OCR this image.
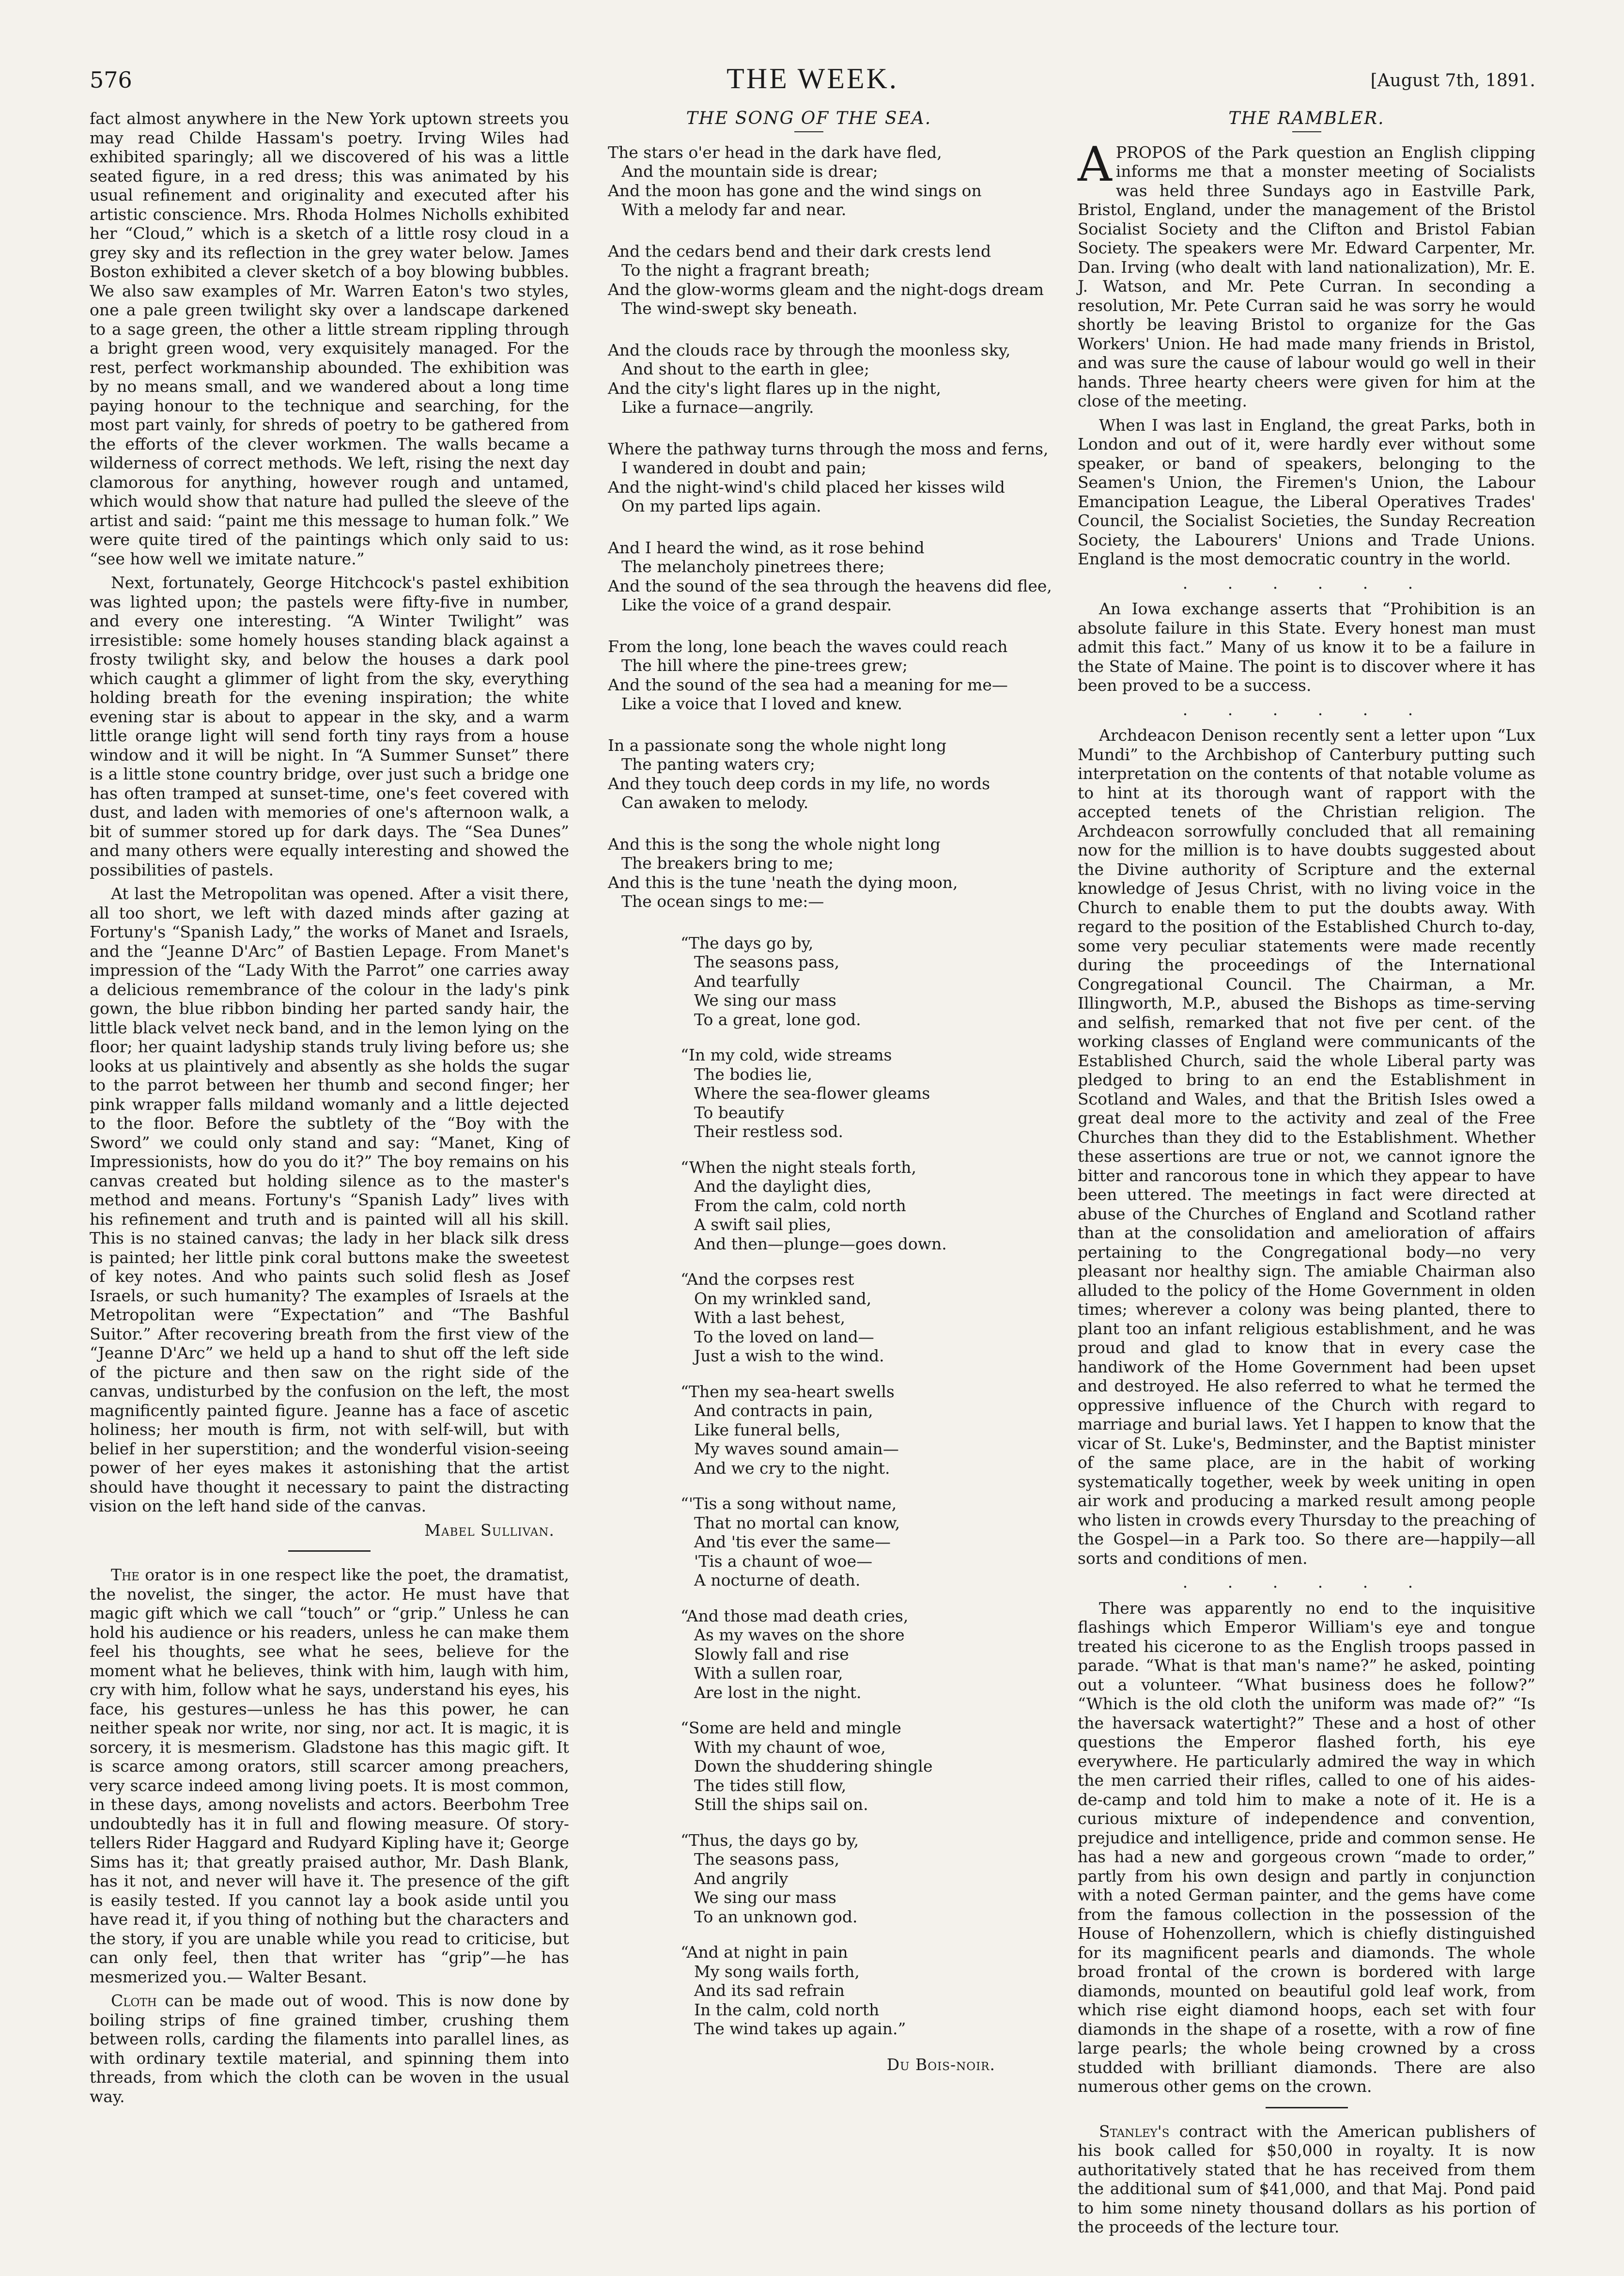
576	THE WEEK.	[August 7th, 1891.

fact almost anywhere in the New York uptown streets you may read Childe Hassam's poetry. Irving Wiles had exhibited sparingly; all we discovered of his was a little seated figure, in a red dress; this was animated by his usual refinement and originality and executed after his artistic conscience. Mrs. Rhoda Holmes Nicholls exhibited her “Cloud,” which is a sketch of a little rosy cloud in a grey sky and its reflection in the grey water below. James Boston exhibited a clever sketch of a boy blowing bubbles. We also saw examples of Mr. Warren Eaton's two styles, one a pale green twilight sky over a landscape darkened to a sage green, the other a little stream rippling through a bright green wood, very exquisitely managed. For the rest, perfect workmanship abounded. The exhibition was by no means small, and we wandered about a long time paying honour to the technique and searching, for the most part vainly, for shreds of poetry to be gathered from the efforts of the clever workmen. The walls became a wilderness of correct methods. We left, rising the next day clamorous for anything, however rough and untamed, which would show that nature had pulled the sleeve of the artist and said: “paint me this message to human folk.” We were quite tired of the paintings which only said to us: “see how well we imitate nature.”

Next, fortunately, George Hitchcock's pastel exhibition was lighted upon; the pastels were fifty-five in number, and every one interesting. “A Winter Twilight” was irresistible: some homely houses standing black against a frosty twilight sky, and below the houses a dark pool which caught a glimmer of light from the sky, everything holding breath for the evening inspiration; the white evening star is about to appear in the sky, and a warm little orange light will send forth tiny rays from a house window and it will be night. In “A Summer Sunset” there is a little stone country bridge, over just such a bridge one has often tramped at sunset-time, one's feet covered with dust, and laden with memories of one's afternoon walk, a bit of summer stored up for dark days. The “Sea Dunes” and many others were equally interesting and showed the possibilities of pastels.

At last the Metropolitan was opened. After a visit there, all too short, we left with dazed minds after gazing at Fortuny's “Spanish Lady,” the works of Manet and Israels, and the “Jeanne D'Arc” of Bastien Lepage. From Manet's impression of the “Lady With the Parrot” one carries away a delicious remembrance of the colour in the lady's pink gown, the blue ribbon binding her parted sandy hair, the little black velvet neck band, and in the lemon lying on the floor; her quaint ladyship stands truly living before us; she looks at us plaintively and absently as she holds the sugar to the parrot between her thumb and second finger; her pink wrapper falls mildand womanly and a little dejected to the floor. Before the subtlety of the “Boy with the Sword” we could only stand and say: “Manet, King of Impressionists, how do you do it?” The boy remains on his canvas created but holding silence as to the master's method and means. Fortuny's “Spanish Lady” lives with his refinement and truth and is painted will all his skill. This is no stained canvas; the lady in her black silk dress is painted; her little pink coral buttons make the sweetest of key notes. And who paints such solid flesh as Josef Israels, or such humanity? The examples of Israels at the Metropolitan were “Expectation” and “The Bashful Suitor.” After recovering breath from the first view of the “Jeanne D'Arc” we held up a hand to shut off the left side of the picture and then saw on the right side of the canvas, undisturbed by the confusion on the left, the most magnificently painted figure. Jeanne has a face of ascetic holiness; her mouth is firm, not with self-will, but with belief in her superstition; and the wonderful vision-seeing power of her eyes makes it astonishing that the artist should have thought it necessary to paint the distracting vision on the left hand side of the canvas.

Mabel Sullivan.

The orator is in one respect like the poet, the dramatist, the novelist, the singer, the actor. He must have that magic gift which we call “touch” or “grip.” Unless he can hold his audience or his readers, unless he can make them feel his thoughts, see what he sees, believe for the moment what he believes, think with him, laugh with him, cry with him, follow what he says, understand his eyes, his face, his gestures—unless he has this power, he can neither speak nor write, nor sing, nor act. It is magic, it is sorcery, it is mesmerism. Gladstone has this magic gift. It is scarce among orators, still scarcer among preachers, very scarce indeed among living poets. It is most common, in these days, among novelists and actors. Beerbohm Tree undoubtedly has it in full and flowing measure. Of story-tellers Rider Haggard and Rudyard Kipling have it; George Sims has it; that greatly praised author, Mr. Dash Blank, has it not, and never will have it. The presence of the gift is easily tested. If you cannot lay a book aside until you have read it, if you thing of nothing but the characters and the story, if you are unable while you read to criticise, but can only feel, then that writer has “grip”—he has mesmerized you.— Walter Besant.

Cloth can be made out of wood. This is now done by boiling strips of fine grained timber, crushing them between rolls, carding the filaments into parallel lines, as with ordinary textile material, and spinning them into threads, from which the cloth can be woven in the usual way.

THE SONG OF THE SEA.
The stars o'er head in the dark have fled,
And the mountain side is drear;
And the moon has gone and the wind sings on
With a melody far and near.
And the cedars bend and their dark crests lend
To the night a fragrant breath;
And the glow-worms gleam and the night-dogs dream
The wind-swept sky beneath.
And the clouds race by through the moonless sky,
And shout to the earth in glee;
And the city's light flares up in the night,
Like a furnace—angrily.
Where the pathway turns through the moss and ferns,
I wandered in doubt and pain;
And the night-wind's child placed her kisses wild
On my parted lips again.
And I heard the wind, as it rose behind
The melancholy pinetrees there;
And the sound of the sea through the heavens did flee,
Like the voice of a grand despair.
From the long, lone beach the waves could reach
The hill where the pine-trees grew;
And the sound of the sea had a meaning for me—
Like a voice that I loved and knew.
In a passionate song the whole night long
The panting waters cry;
And they touch deep cords in my life, no words
Can awaken to melody.
And this is the song the whole night long
The breakers bring to me;
And this is the tune 'neath the dying moon,
The ocean sings to me:—
“The days go by,
The seasons pass,
And tearfully
We sing our mass
To a great, lone god.
“In my cold, wide streams
The bodies lie,
Where the sea-flower gleams
To beautify
Their restless sod.
“When the night steals forth,
And the daylight dies,
From the calm, cold north
A swift sail plies,
And then—plunge—goes down.
“And the corpses rest
On my wrinkled sand,
With a last behest,
To the loved on land—
Just a wish to the wind.
“Then my sea-heart swells
And contracts in pain,
Like funeral bells,
My waves sound amain—
And we cry to the night.
“'Tis a song without name,
That no mortal can know,
And 'tis ever the same—
'Tis a chaunt of woe—
A nocturne of death.
“And those mad death cries,
As my waves on the shore
Slowly fall and rise
With a sullen roar,
Are lost in the night.
“Some are held and mingle
With my chaunt of woe,
Down the shuddering shingle
The tides still flow,
Still the ships sail on.
“Thus, the days go by,
The seasons pass,
And angrily
We sing our mass
To an unknown god.
“And at night in pain
My song wails forth,
And its sad refrain
In the calm, cold north
The wind takes up again.”
Du Bois-noir.
THE RAMBLER.

APROPOS of the Park question an English clipping informs me that a monster meeting of Socialists was held three Sundays ago in Eastville Park, Bristol, England, under the management of the Bristol Socialist Society and the Clifton and Bristol Fabian Society. The speakers were Mr. Edward Carpenter, Mr. Dan. Irving (who dealt with land nationalization), Mr. E. J. Watson, and Mr. Pete Curran. In seconding a resolution, Mr. Pete Curran said he was sorry he would shortly be leaving Bristol to organize for the Gas Workers' Union. He had made many friends in Bristol, and was sure the cause of labour would go well in their hands. Three hearty cheers were given for him at the close of the meeting.

When I was last in England, the great Parks, both in London and out of it, were hardly ever without some speaker, or band of speakers, belonging to the Seamen's Union, the Firemen's Union, the Labour Emancipation League, the Liberal Operatives Trades' Council, the Socialist Societies, the Sunday Recreation Society, the Labourers' Unions and Trade Unions. England is the most democratic country in the world.

. . . . . .

An Iowa exchange asserts that “Prohibition is an absolute failure in this State. Every honest man must admit this fact.” Many of us know it to be a failure in the State of Maine. The point is to discover where it has been proved to be a success.

. . . . . .

Archdeacon Denison recently sent a letter upon “Lux Mundi” to the Archbishop of Canterbury putting such interpretation on the contents of that notable volume as to hint at its thorough want of rapport with the accepted tenets of the Christian religion. The Archdeacon sorrowfully concluded that all remaining now for the million is to have doubts suggested about the Divine authority of Scripture and the external knowledge of Jesus Christ, with no living voice in the Church to enable them to put the doubts away. With regard to the position of the Established Church to-day, some very peculiar statements were made recently during the proceedings of the International Congregational Council. The Chairman, a Mr. Illingworth, M.P., abused the Bishops as time-serving and selfish, remarked that not five per cent. of the working classes of England were communicants of the Established Church, said the whole Liberal party was pledged to bring to an end the Establishment in Scotland and Wales, and that the British Isles owed a great deal more to the activity and zeal of the Free Churches than they did to the Establishment. Whether these assertions are true or not, we cannot ignore the bitter and rancorous tone in which they appear to have been uttered. The meetings in fact were directed at abuse of the Churches of England and Scotland rather than at the consolidation and amelioration of affairs pertaining to the Congregational body—no very pleasant nor healthy sign. The amiable Chairman also alluded to the policy of the Home Government in olden times; wherever a colony was being planted, there to plant too an infant religious establishment, and he was proud and glad to know that in every case the handiwork of the Home Government had been upset and destroyed. He also referred to what he termed the oppressive influence of the Church with regard to marriage and burial laws. Yet I happen to know that the vicar of St. Luke's, Bedminster, and the Baptist minister of the same place, are in the habit of working systematically together, week by week uniting in open air work and producing a marked result among people who listen in crowds every Thursday to the preaching of the Gospel—in a Park too. So there are—happily—all sorts and conditions of men.

. . . . . .

There was apparently no end to the inquisitive flashings which Emperor William's eye and tongue treated his cicerone to as the English troops passed in parade. “What is that man's name?” he asked, pointing out a volunteer. “What business does he follow?” “Which is the old cloth the uniform was made of?” “Is the haversack watertight?” These and a host of other questions the Emperor flashed forth, his eye everywhere. He particularly admired the way in which the men carried their rifles, called to one of his aides-de-camp and told him to make a note of it. He is a curious mixture of independence and convention, prejudice and intelligence, pride and common sense. He has had a new and gorgeous crown “made to order,” partly from his own design and partly in conjunction with a noted German painter, and the gems have come from the famous collection in the possession of the House of Hohenzollern, which is chiefly distinguished for its magnificent pearls and diamonds. The whole broad frontal of the crown is bordered with large diamonds, mounted on beautiful gold leaf work, from which rise eight diamond hoops, each set with four diamonds in the shape of a rosette, with a row of fine large pearls; the whole being crowned by a cross studded with brilliant diamonds. There are also numerous other gems on the crown.

Stanley's contract with the American publishers of his book called for $50,000 in royalty. It is now authoritatively stated that he has received from them the additional sum of $41,000, and that Maj. Pond paid to him some ninety thousand dollars as his portion of the proceeds of the lecture tour.
